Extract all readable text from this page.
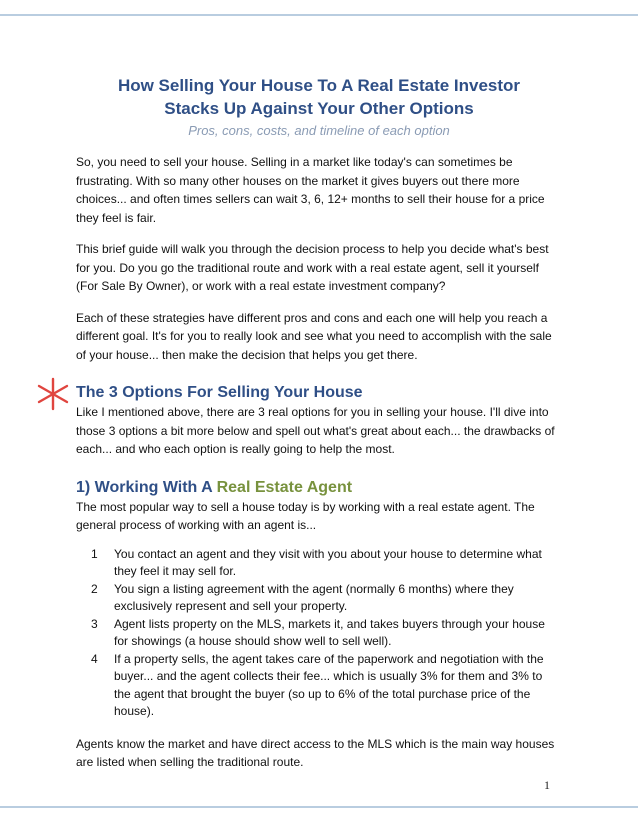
How Selling Your House To A Real Estate Investor
Stacks Up Against Your Other Options
Pros, cons, costs, and timeline of each option

So, you need to sell your house. Selling in a market like today's can sometimes be frustrating. With so many other houses on the market it gives buyers out there more choices... and often times sellers can wait 3, 6, 12+ months to sell their house for a price they feel is fair.

This brief guide will walk you through the decision process to help you decide what's best for you. Do you go the traditional route and work with a real estate agent, sell it yourself (For Sale By Owner), or work with a real estate investment company?

Each of these strategies have different pros and cons and each one will help you reach a different goal. It's for you to really look and see what you need to accomplish with the sale of your house... then make the decision that helps you get there.

The 3 Options For Selling Your House

Like I mentioned above, there are 3 real options for you in selling your house. I'll dive into those 3 options a bit more below and spell out what's great about each... the drawbacks of each... and who each option is really going to help the most.

1) Working With A Real Estate Agent

The most popular way to sell a house today is by working with a real estate agent. The general process of working with an agent is...

1 You contact an agent and they visit with you about your house to determine what they feel it may sell for.
2 You sign a listing agreement with the agent (normally 6 months) where they exclusively represent and sell your property.
3 Agent lists property on the MLS, markets it, and takes buyers through your house for showings (a house should show well to sell well).
4 If a property sells, the agent takes care of the paperwork and negotiation with the buyer... and the agent collects their fee... which is usually 3% for them and 3% to the agent that brought the buyer (so up to 6% of the total purchase price of the house).

Agents know the market and have direct access to the MLS which is the main way houses are listed when selling the traditional route.

1
